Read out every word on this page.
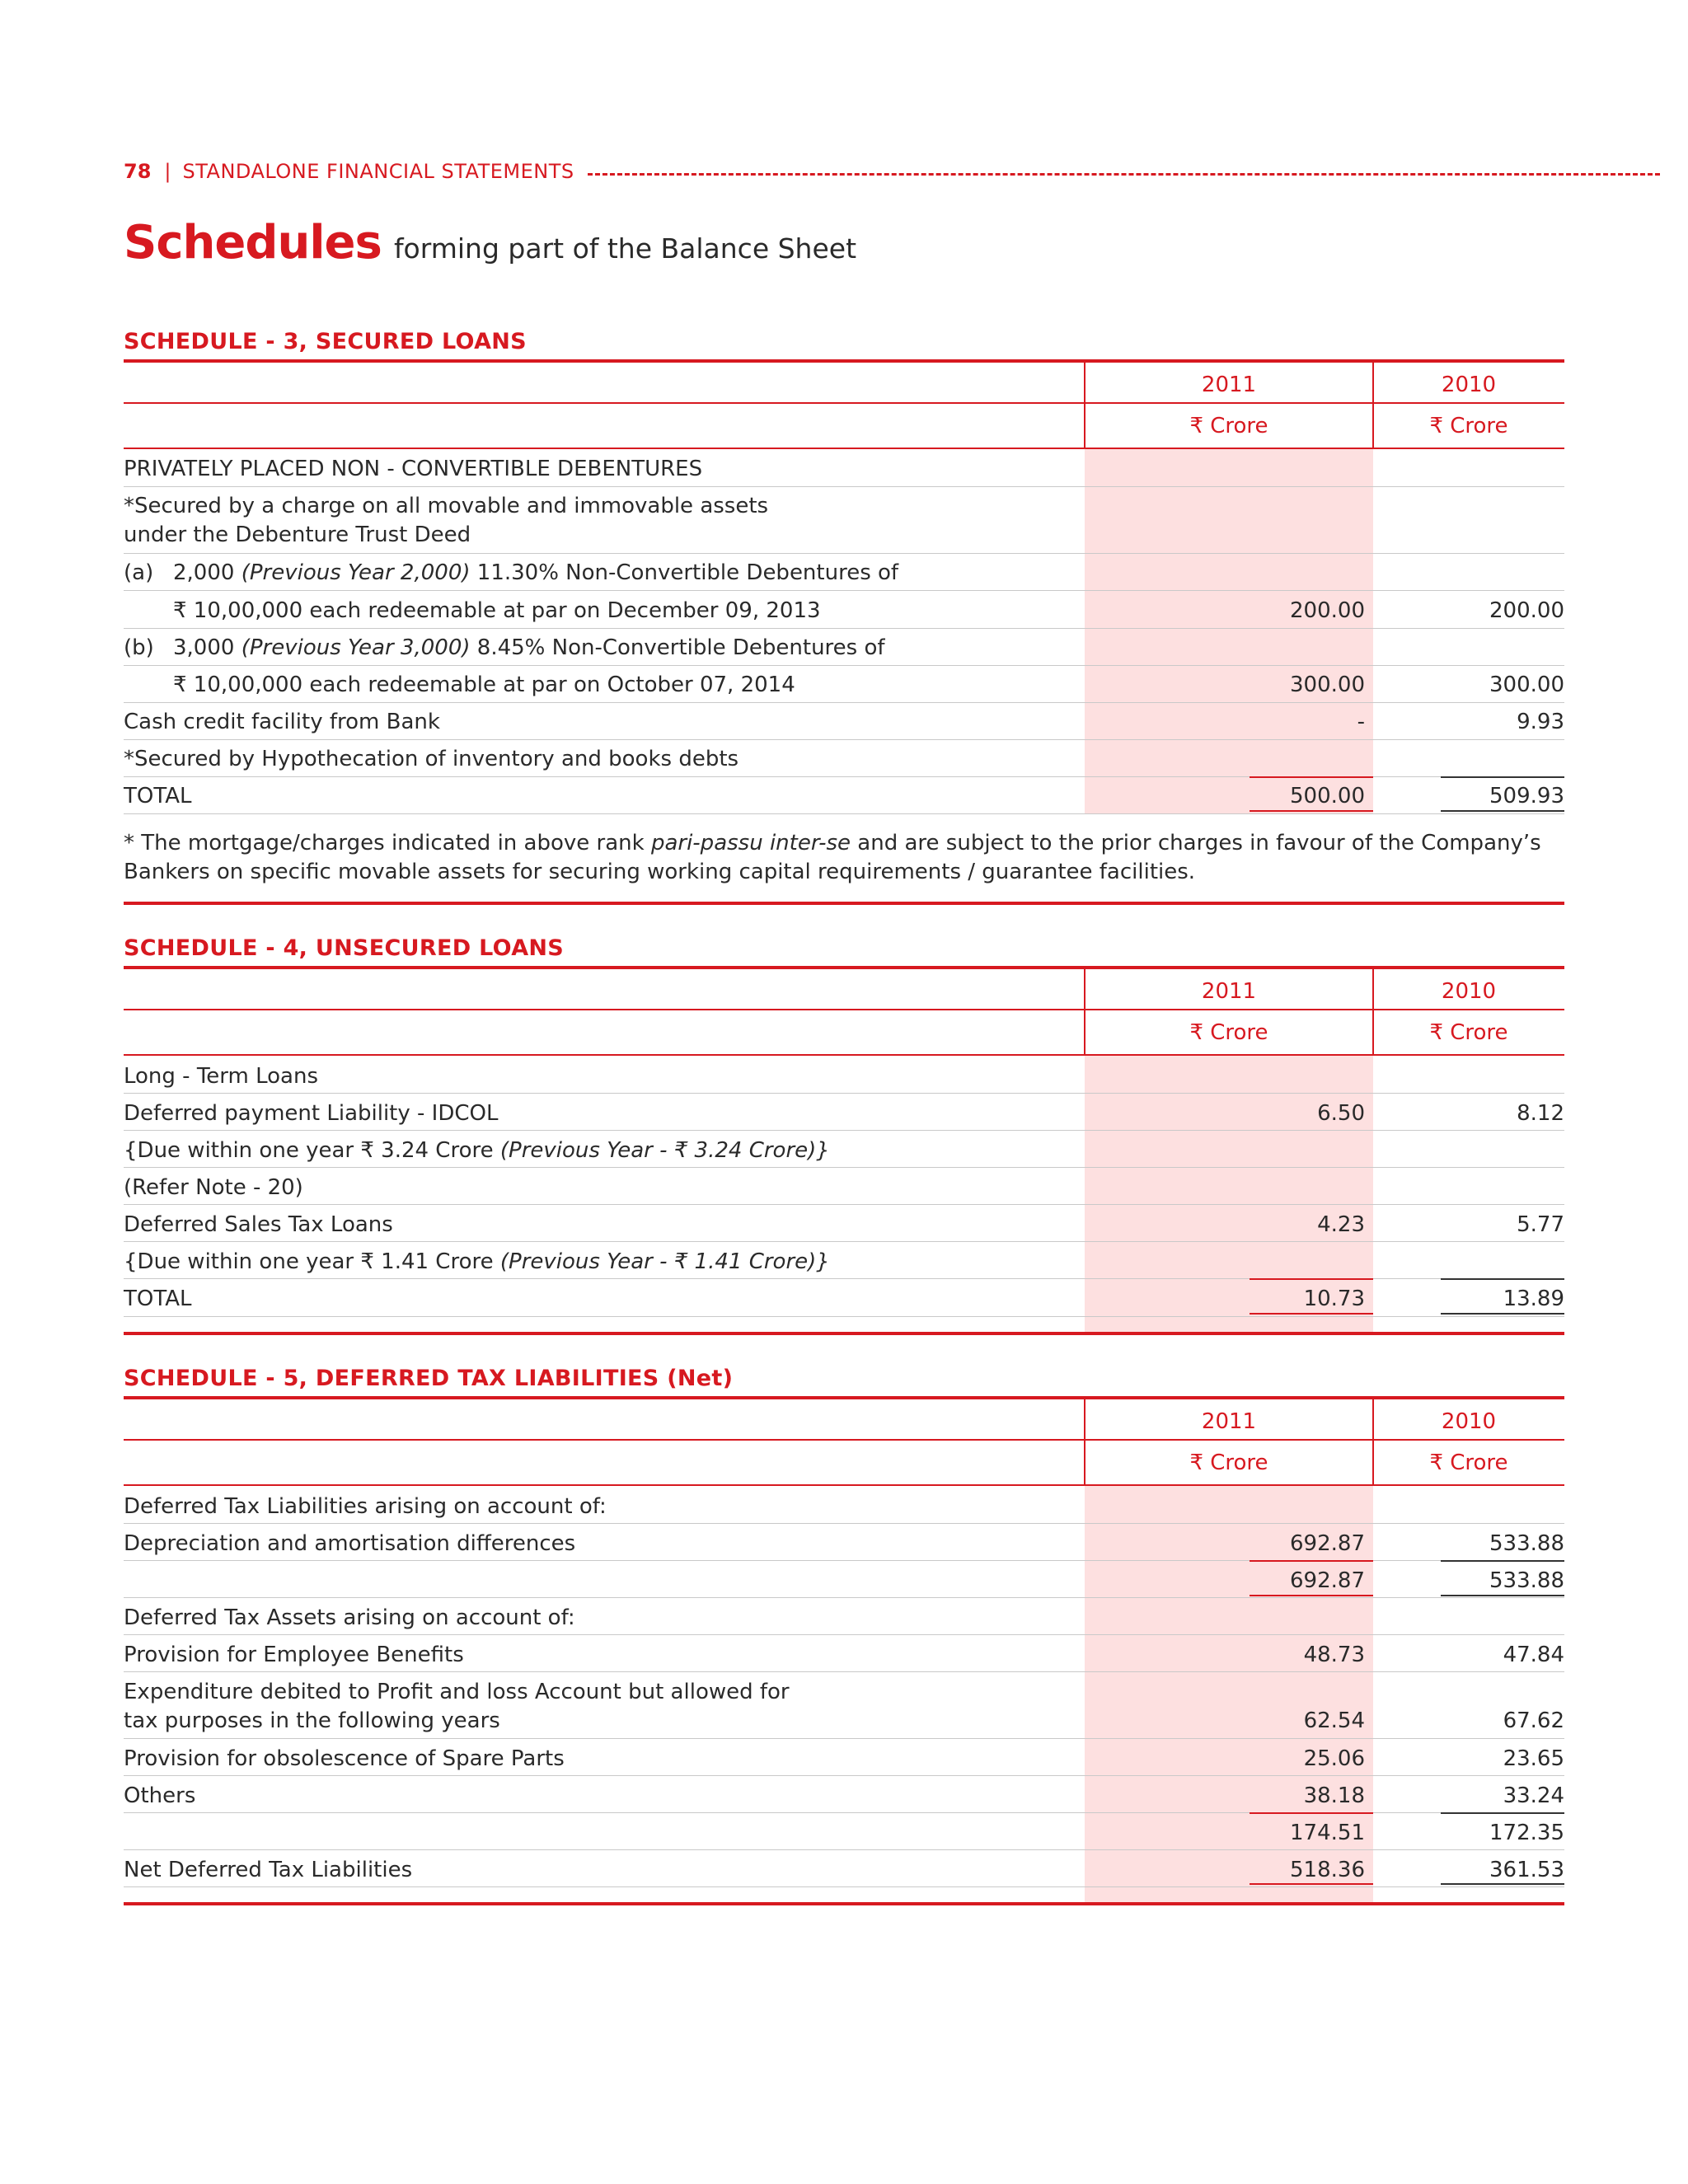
78 | STANDALONE FINANCIAL STATEMENTS
Schedules forming part of the Balance Sheet
SCHEDULE - 3, SECURED LOANS
2011	2010
₹ Crore	₹ Crore
PRIVATELY PLACED NON - CONVERTIBLE DEBENTURES
*Secured by a charge on all movable and immovable assets
under the Debenture Trust Deed
(a) 2,000 (Previous Year 2,000) 11.30% Non-Convertible Debentures of
₹ 10,00,000 each redeemable at par on December 09, 2013	200.00	200.00
(b) 3,000 (Previous Year 3,000) 8.45% Non-Convertible Debentures of
₹ 10,00,000 each redeemable at par on October 07, 2014	300.00	300.00
Cash credit facility from Bank	-	9.93
*Secured by Hypothecation of inventory and books debts
TOTAL	500.00	509.93
* The mortgage/charges indicated in above rank pari-passu inter-se and are subject to the prior charges in favour of the Company’s Bankers on specific movable assets for securing working capital requirements / guarantee facilities.
SCHEDULE - 4, UNSECURED LOANS
2011	2010
₹ Crore	₹ Crore
Long - Term Loans
Deferred payment Liability - IDCOL	6.50	8.12
{Due within one year ₹ 3.24 Crore (Previous Year - ₹ 3.24 Crore)}
(Refer Note - 20)
Deferred Sales Tax Loans	4.23	5.77
{Due within one year ₹ 1.41 Crore (Previous Year - ₹ 1.41 Crore)}
TOTAL	10.73	13.89
SCHEDULE - 5, DEFERRED TAX LIABILITIES (Net)
2011	2010
₹ Crore	₹ Crore
Deferred Tax Liabilities arising on account of:
Depreciation and amortisation differences	692.87	533.88
692.87	533.88
Deferred Tax Assets arising on account of:
Provision for Employee Benefits	48.73	47.84
Expenditure debited to Profit and loss Account but allowed for
tax purposes in the following years	62.54	67.62
Provision for obsolescence of Spare Parts	25.06	23.65
Others	38.18	33.24
174.51	172.35
Net Deferred Tax Liabilities	518.36	361.53
